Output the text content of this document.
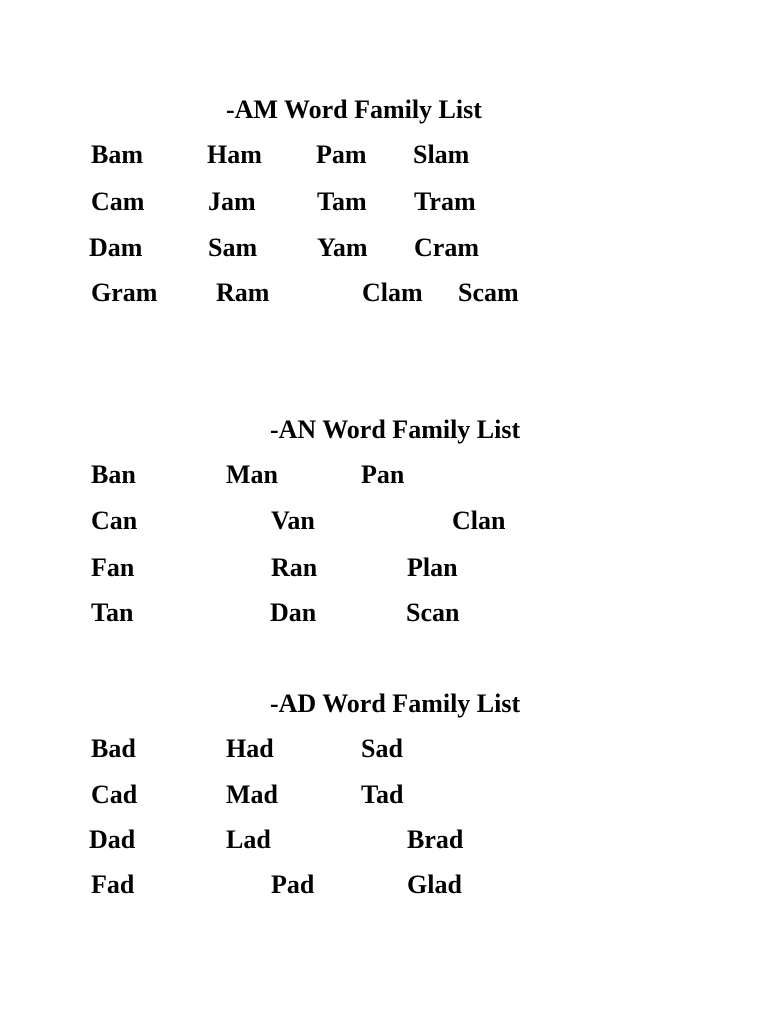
-AM Word Family List
Bam Ham Pam Slam
Cam Jam Tam Tram
Dam	Sam Yam Cram
Gram Ram	Clam Scam
-AN Word Family List
Ban	Man	Pan
Can	Van	Clan
Fan	Ran	Plan
Tan	Dan	Scan
-AD Word Family List
Bad	Had	Sad
Cad	Mad	Tad
Dad	Lad	Brad
Fad	Pad	Glad
